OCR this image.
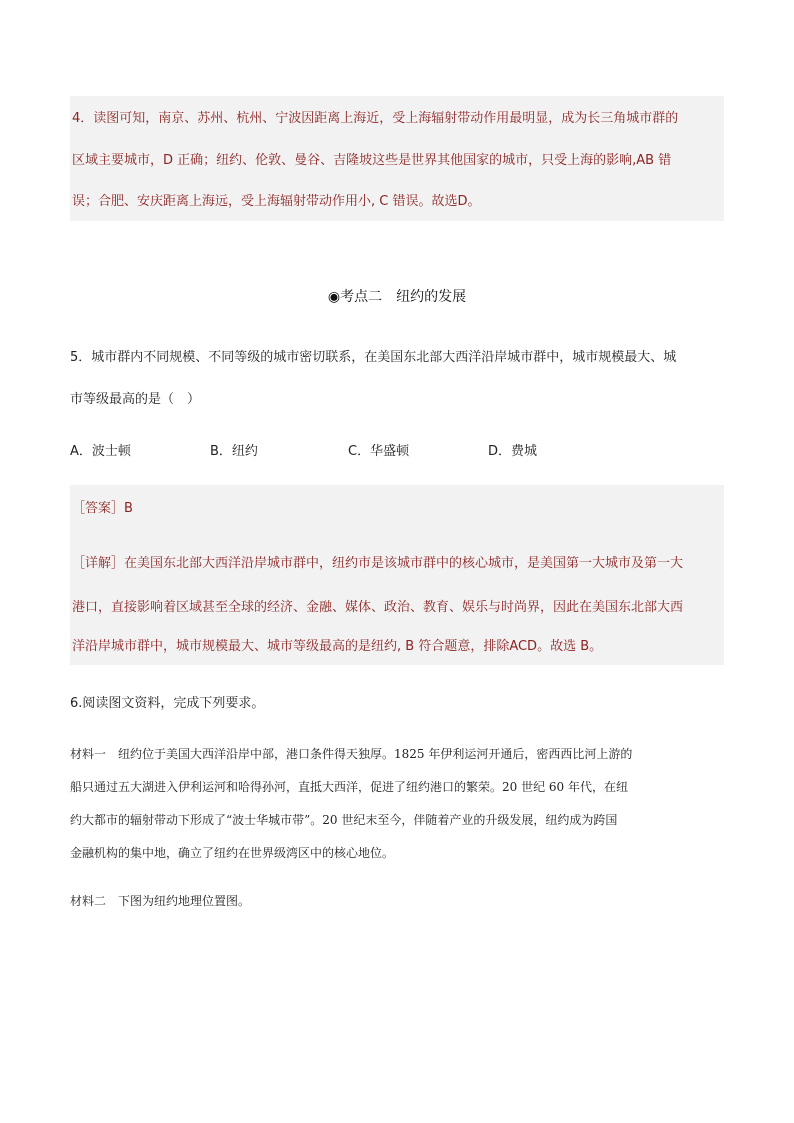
4．读图可知，南京、苏州、杭州、宁波因距离上海近，受上海辐射带动作用最明显，成为长三角城市群的
区域主要城市，D 正确；纽约、伦敦、曼谷、吉隆坡这些是世界其他国家的城市，只受上海的影响,AB 错
误；合肥、安庆距离上海远，受上海辐射带动作用小, C 错误。故选D。
◉考点二　纽约的发展
5．城市群内不同规模、不同等级的城市密切联系，在美国东北部大西洋沿岸城市群中，城市规模最大、城
市等级最高的是（　）
A．波士顿	B．纽约	C．华盛顿	D．费城
［答案］B
［详解］在美国东北部大西洋沿岸城市群中，纽约市是该城市群中的核心城市，是美国第一大城市及第一大
港口，直接影响着区域甚至全球的经济、金融、媒体、政治、教育、娱乐与时尚界，因此在美国东北部大西
洋沿岸城市群中，城市规模最大、城市等级最高的是纽约, B 符合题意，排除ACD。故选 B。
6.阅读图文资料，完成下列要求。
材料一　纽约位于美国大西洋沿岸中部，港口条件得天独厚。1825 年伊利运河开通后，密西西比河上游的
船只通过五大湖进入伊利运河和哈得孙河，直抵大西洋，促进了纽约港口的繁荣。20 世纪 60 年代，在纽
约大都市的辐射带动下形成了“波士华城市带”。20 世纪末至今，伴随着产业的升级发展，纽约成为跨国
金融机构的集中地，确立了纽约在世界级湾区中的核心地位。
材料二　下图为纽约地理位置图。
